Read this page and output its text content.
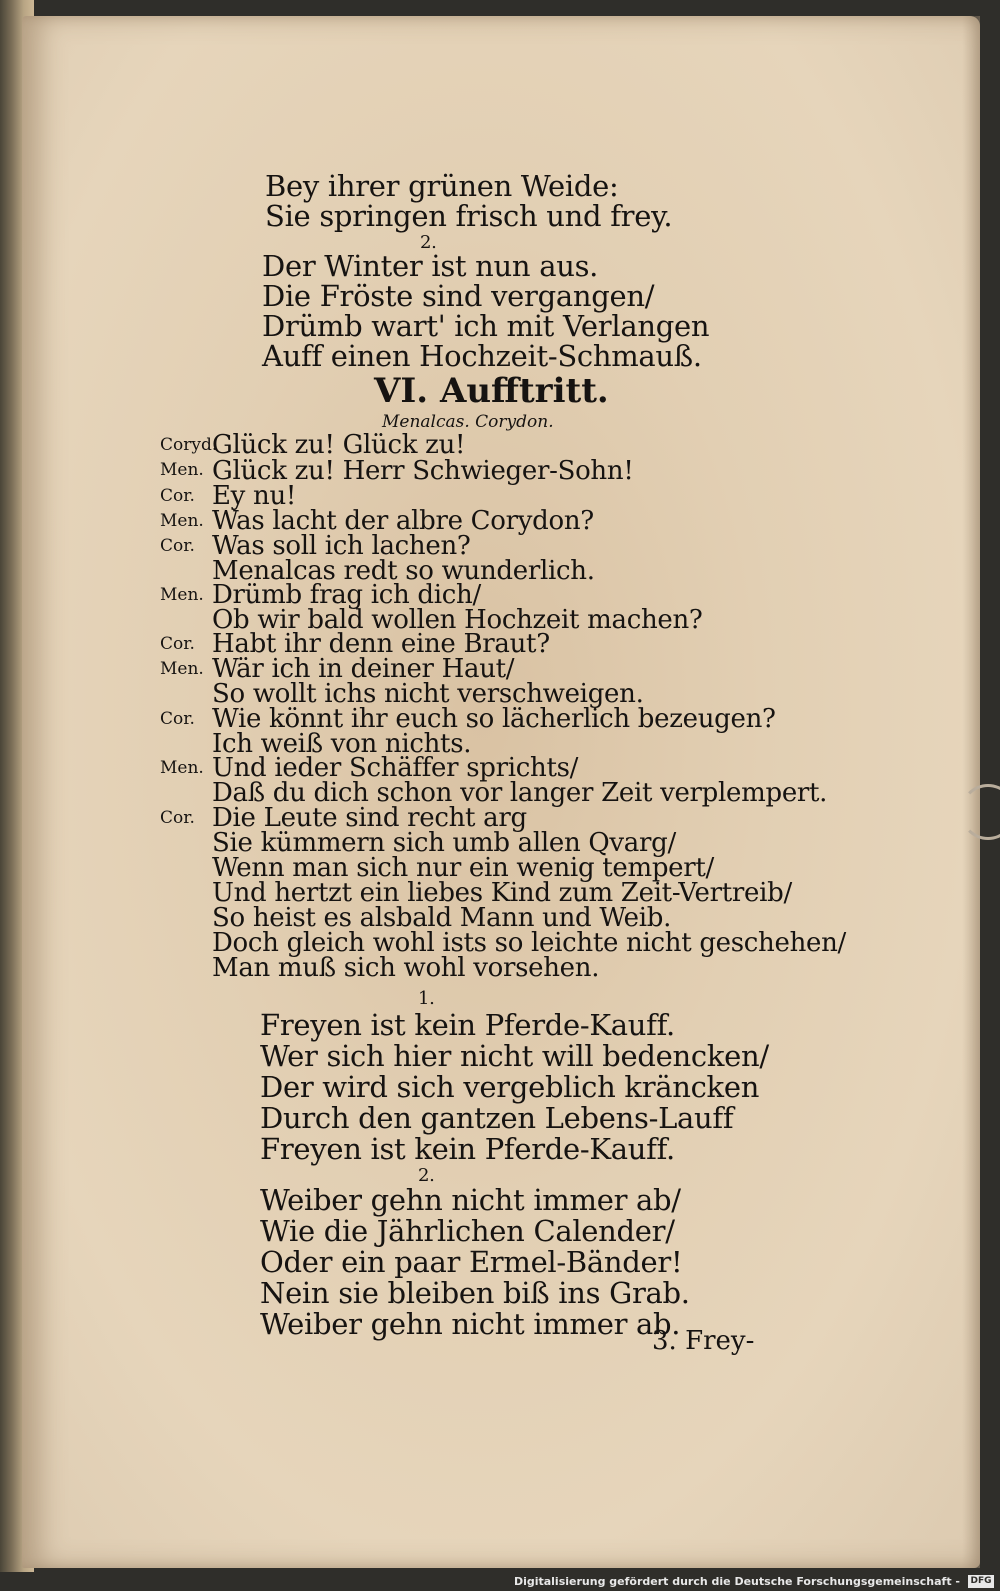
Bey ihrer grünen Weide:
Sie springen frisch und frey.
2.
Der Winter ist nun aus.
Die Fröste sind vergangen/
Drümb wart' ich mit Verlangen
Auff einen Hochzeit-Schmauß.
VI. Aufftritt.
Menalcas. Corydon.
Coryd.
Glück zu! Glück zu!
Men. Glück zu! Herr Schwieger-Sohn!
Cor. Ey nu!
Men. Was lacht der albre Corydon?
Cor. Was soll ich lachen?
Menalcas redt so wunderlich.
Men. Drümb frag ich dich/
Ob wir bald wollen Hochzeit machen?
Cor. Habt ihr denn eine Braut?
Men. Wär ich in deiner Haut/
So wollt ichs nicht verschweigen.
Cor. Wie könnt ihr euch so lächerlich bezeugen?
Ich weiß von nichts.
Men. Und ieder Schäffer sprichts/
Daß du dich schon vor langer Zeit verplempert.
Cor. Die Leute sind recht arg
Sie kümmern sich umb allen Qvarg/
Wenn man sich nur ein wenig tempert/
Und hertzt ein liebes Kind zum Zeit-Vertreib/
So heist es alsbald Mann und Weib.
Doch gleich wohl ists so leichte nicht geschehen/
Man muß sich wohl vorsehen.
1.
Freyen ist kein Pferde-Kauff.
Wer sich hier nicht will bedencken/
Der wird sich vergeblich kräncken
Durch den gantzen Lebens-Lauff
Freyen ist kein Pferde-Kauff.
2.
Weiber gehn nicht immer ab/
Wie die Jährlichen Calender/
Oder ein paar Ermel-Bänder!
Nein sie bleiben biß ins Grab.
Weiber gehn nicht immer ab.
3. Frey-
Digitalisierung gefördert durch die Deutsche Forschungsgemeinschaft - DFG
